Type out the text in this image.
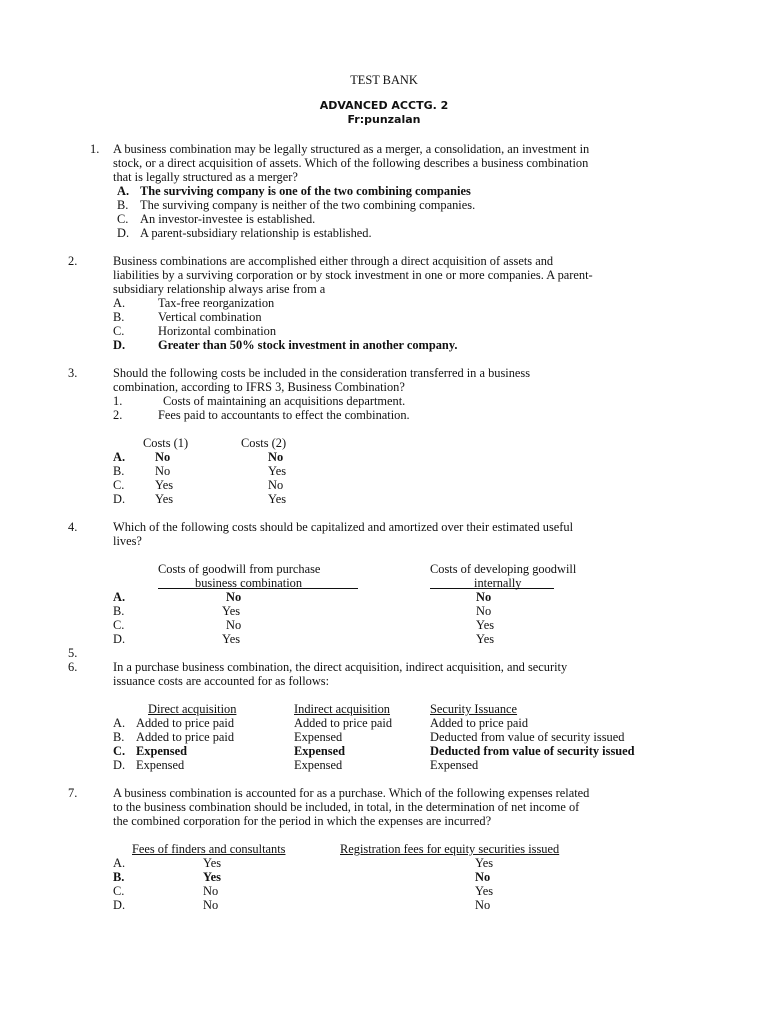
TEST BANK
ADVANCED ACCTG. 2
Fr:punzalan
1. A business combination may be legally structured as a merger, a consolidation, an investment in
stock, or a direct acquisition of assets. Which of the following describes a business combination
that is legally structured as a merger?
A. The surviving company is one of the two combining companies
B. The surviving company is neither of the two combining companies.
C. An investor-investee is established.
D. A parent-subsidiary relationship is established.
2.	Business combinations are accomplished either through a direct acquisition of assets and
liabilities by a surviving corporation or by stock investment in one or more companies. A parent-
subsidiary relationship always arise from a
A.	Tax-free reorganization
B.	Vertical combination
C.	Horizontal combination
D.	Greater than 50% stock investment in another company.
3.	Should the following costs be included in the consideration transferred in a business
combination, according to IFRS 3, Business Combination?
1.	Costs of maintaining an acquisitions department.
2.	Fees paid to accountants to effect the combination.
Costs (1)	Costs (2)
A. No	No
B. No	Yes
C. Yes	No
D. Yes	Yes
4.	Which of the following costs should be capitalized and amortized over their estimated useful
lives?
Costs of goodwill from purchase
business combination
Costs of developing goodwill
internally
A.	No	No
B.	Yes	No
C.	No	Yes
D.	Yes	Yes
5.
6.	In a purchase business combination, the direct acquisition, indirect acquisition, and security
issuance costs are accounted for as follows:
Direct acquisition	Indirect acquisition	Security Issuance
A. Added to price paid	Added to price paid	Added to price paid
B. Added to price paid	Expensed	Deducted from value of security issued
C. Expensed	Expensed	Deducted from value of security issued
D. Expensed	Expensed	Expensed
7.	A business combination is accounted for as a purchase. Which of the following expenses related
to the business combination should be included, in total, in the determination of net income of
the combined corporation for the period in which the expenses are incurred?
Fees of finders and consultants	Registration fees for equity securities issued
A.	Yes	Yes
B.	Yes	No
C.	No	Yes
D.	No	No
